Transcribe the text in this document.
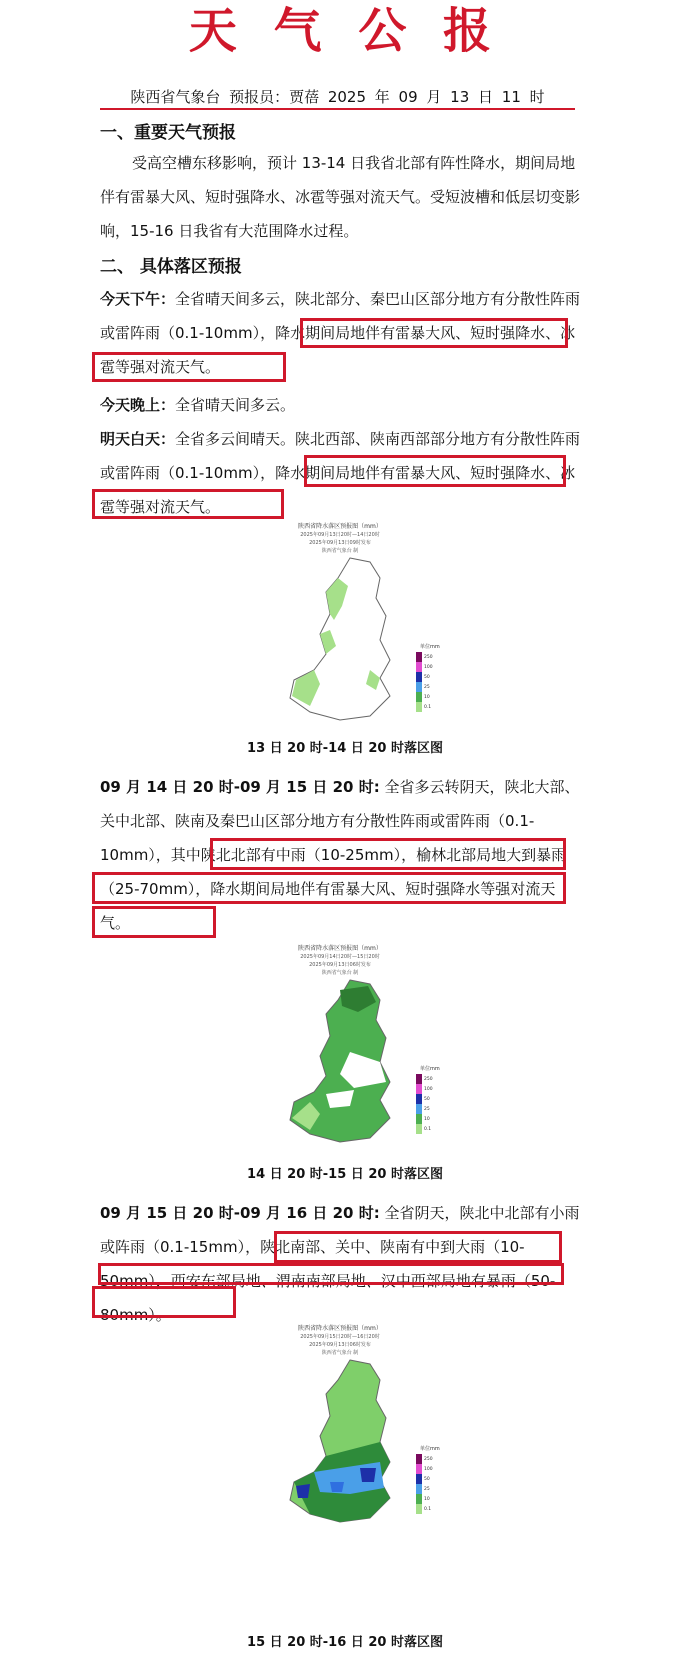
天 气 公 报
陕西省气象台 预报员：贾蓓 2025 年 09 月 13 日 11 时
一、重要天气预报
受高空槽东移影响，预计 13-14 日我省北部有阵性降水，期间局地伴有雷暴大风、短时强降水、冰雹等强对流天气。受短波槽和低层切变影响，15-16 日我省有大范围降水过程。
二、 具体落区预报
今天下午：全省晴天间多云，陕北部分、秦巴山区部分地方有分散性阵雨或雷阵雨（0.1-10mm），降水期间局地伴有雷暴大风、短时强降水、冰雹等强对流天气。
今天晚上：全省晴天间多云。
明天白天：全省多云间晴天。陕北西部、陕南西部部分地方有分散性阵雨或雷阵雨（0.1-10mm），降水期间局地伴有雷暴大风、短时强降水、冰雹等强对流天气。
陕西省降水落区预报图（mm）
2025年09月13日20时—14日20时
2025年09月13日09时发布
陕西省气象台 制
单位mm
250
100
50
25
10
0.1
13 日 20 时-14 日 20 时落区图
09 月 14 日 20 时-09 月 15 日 20 时: 全省多云转阴天，陕北大部、关中北部、陕南及秦巴山区部分地方有分散性阵雨或雷阵雨（0.1-10mm），其中陕北北部有中雨（10-25mm），榆林北部局地大到暴雨（25-70mm），降水期间局地伴有雷暴大风、短时强降水等强对流天气。
陕西省降水落区预报图（mm）
2025年09月14日20时—15日20时
2025年09月13日06时发布
陕西省气象台 制
单位mm
250
100
50
25
10
0.1
14 日 20 时-15 日 20 时落区图
09 月 15 日 20 时-09 月 16 日 20 时: 全省阴天，陕北中北部有小雨或阵雨（0.1-15mm），陕北南部、关中、陕南有中到大雨（10-50mm），西安东部局地、渭南南部局地、汉中西部局地有暴雨（50-80mm）。
陕西省降水落区预报图（mm）
2025年09月15日20时—16日20时
2025年09月13日06时发布
陕西省气象台 制
单位mm
250
100
50
25
10
0.1
15 日 20 时-16 日 20 时落区图
